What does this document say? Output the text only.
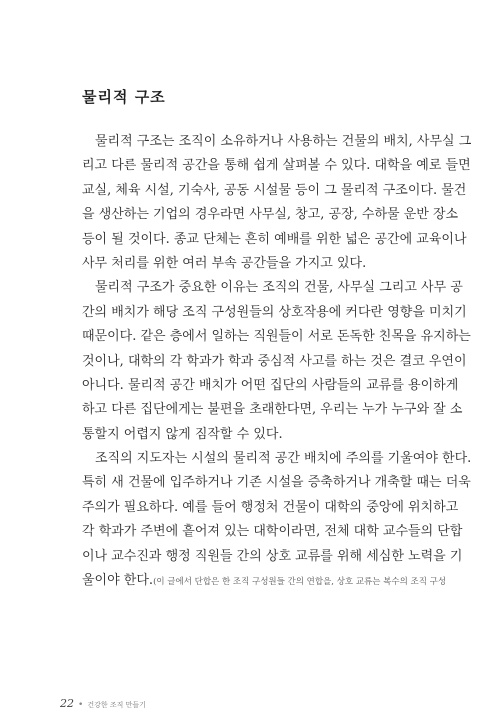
물리적 구조
물리적 구조는 조직이 소유하거나 사용하는 건물의 배치, 사무실 그
리고 다른 물리적 공간을 통해 쉽게 살펴볼 수 있다. 대학을 예로 들면
교실, 체육 시설, 기숙사, 공동 시설물 등이 그 물리적 구조이다. 물건
을 생산하는 기업의 경우라면 사무실, 창고, 공장, 수하물 운반 장소
등이 될 것이다. 종교 단체는 흔히 예배를 위한 넓은 공간에 교육이나
사무 처리를 위한 여러 부속 공간들을 가지고 있다.
물리적 구조가 중요한 이유는 조직의 건물, 사무실 그리고 사무 공
간의 배치가 해당 조직 구성원들의 상호작용에 커다란 영향을 미치기
때문이다. 같은 층에서 일하는 직원들이 서로 돈독한 친목을 유지하는
것이나, 대학의 각 학과가 학과 중심적 사고를 하는 것은 결코 우연이
아니다. 물리적 공간 배치가 어떤 집단의 사람들의 교류를 용이하게
하고 다른 집단에게는 불편을 초래한다면, 우리는 누가 누구와 잘 소
통할지 어렵지 않게 짐작할 수 있다.
조직의 지도자는 시설의 물리적 공간 배치에 주의를 기울여야 한다.
특히 새 건물에 입주하거나 기존 시설을 증축하거나 개축할 때는 더욱
주의가 필요하다. 예를 들어 행정처 건물이 대학의 중앙에 위치하고
각 학과가 주변에 흩어져 있는 대학이라면, 전체 대학 교수들의 단합
이나 교수진과 행정 직원들 간의 상호 교류를 위해 세심한 노력을 기
울이야 한다.(이 글에서 단합은 한 조직 구성원들 간의 연합을, 상호 교류는 복수의 조직 구성
22 • 건강한 조직 만들기
